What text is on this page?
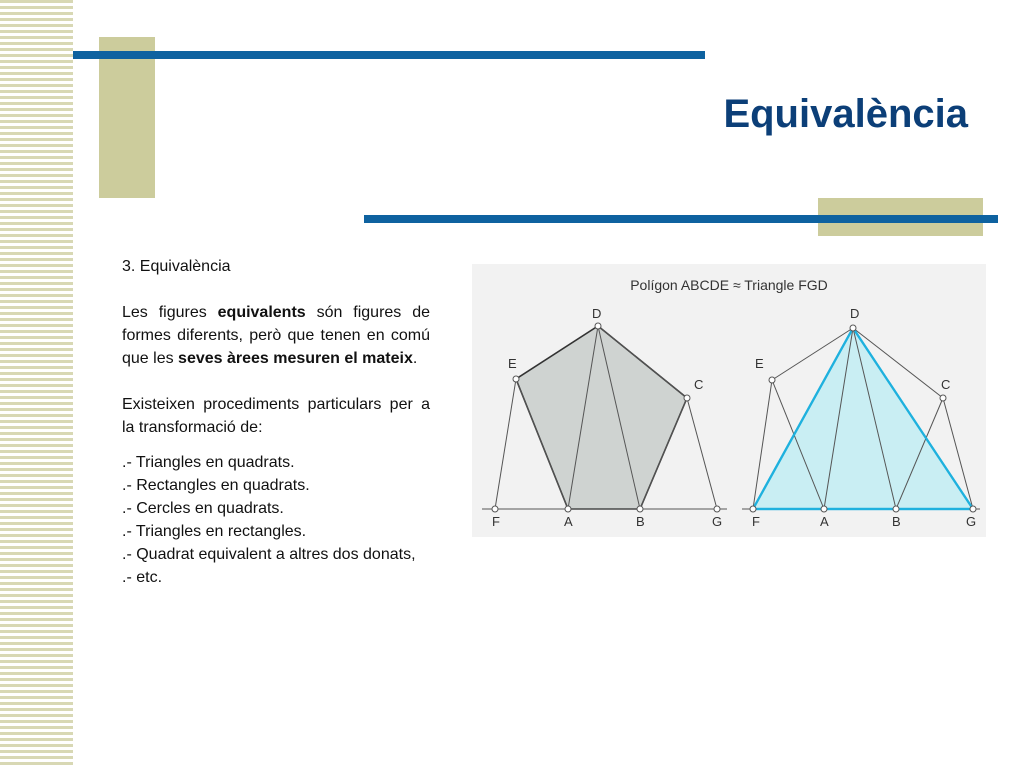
Equivalència

3. Equivalència

Les figures equivalents són figures de formes diferents, però que tenen en comú que les seves àrees mesuren el mateix.

Existeixen procediments particulars per a la transformació de:

.- Triangles en quadrats.

.- Rectangles en quadrats.

.- Cercles en quadrats.

.- Triangles en rectangles.

.- Quadrat equivalent a altres dos donats,

.- etc.

Polígon ABCDE ≈ Triangle FGD
D
E
C
F	A	B	G
D
E
C
F	A	B	G
